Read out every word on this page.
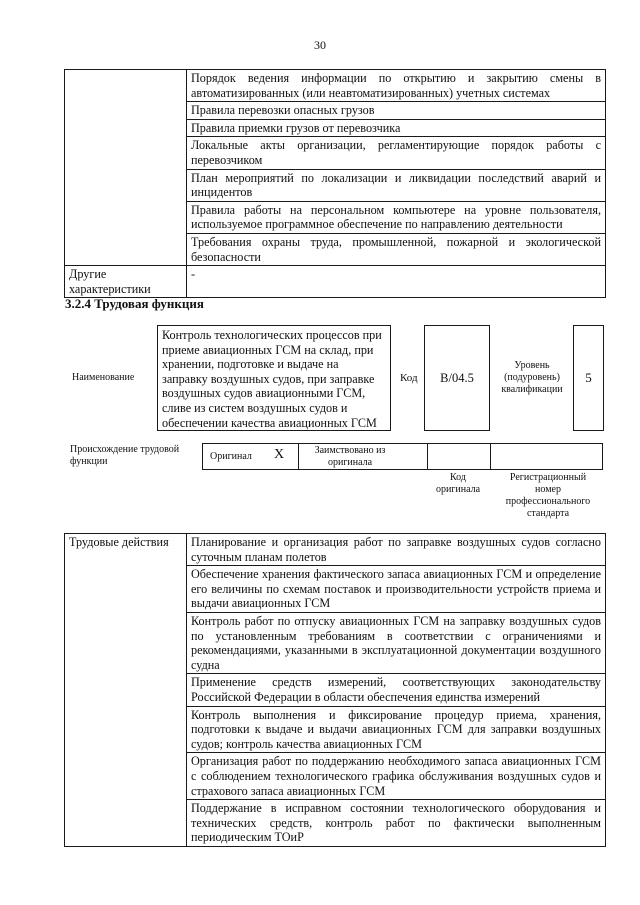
30
	Порядок ведения информации по открытию и закрытию смены в автоматизированных (или неавтоматизированных) учетных системах
	Правила перевозки опасных грузов
	Правила приемки грузов от перевозчика
	Локальные акты организации, регламентирующие порядок работы с перевозчиком
	План мероприятий по локализации и ликвидации последствий аварий и инцидентов
	Правила работы на персональном компьютере на уровне пользователя, используемое программное обеспечение по направлению деятельности
	Требования охраны труда, промышленной, пожарной и экологической безопасности
Другие характеристики	-
3.2.4 Трудовая функция
Наименование
Контроль технологических процессов при приеме авиационных ГСМ на склад, при хранении, подготовке и выдаче на заправку воздушных судов, при заправке воздушных судов авиационными ГСМ, сливе из систем воздушных судов и обеспечении качества авиационных ГСМ
Код В/04.5
Уровень (подуровень) квалификации
5
Происхождение трудовой функции	Оригинал X	Заимствовано из оригинала
Код оригинала
Регистрационный номер профессионального стандарта
Трудовые действия	Планирование и организация работ по заправке воздушных судов согласно суточным планам полетов
Обеспечение хранения фактического запаса авиационных ГСМ и определение его величины по схемам поставок и производительности устройств приема и выдачи авиационных ГСМ
Контроль работ по отпуску авиационных ГСМ на заправку воздушных судов по установленным требованиям в соответствии с ограничениями и рекомендациями, указанными в эксплуатационной документации воздушного судна
Применение средств измерений, соответствующих законодательству Российской Федерации в области обеспечения единства измерений
Контроль выполнения и фиксирование процедур приема, хранения, подготовки к выдаче и выдачи авиационных ГСМ для заправки воздушных судов; контроль качества авиационных ГСМ
Организация работ по поддержанию необходимого запаса авиационных ГСМ с соблюдением технологического графика обслуживания воздушных судов и страхового запаса авиационных ГСМ
Поддержание в исправном состоянии технологического оборудования и технических средств, контроль работ по фактически выполненным периодическим ТОиР
